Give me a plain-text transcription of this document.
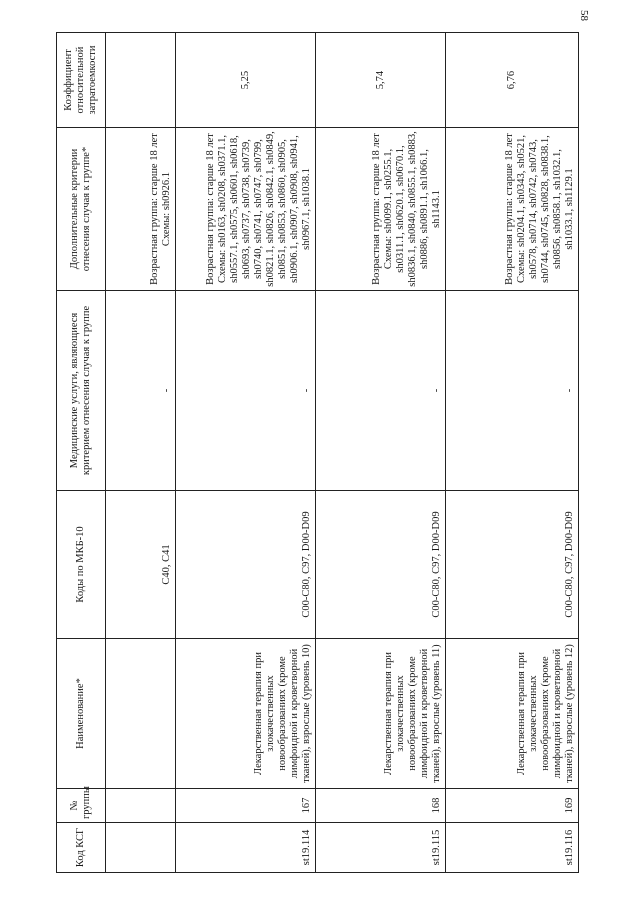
58
Код КСГ	№ группы	Наименование*	Коды по МКБ-10	Медицинские услуги, являющиеся критерием отнесения случая к группе	Дополнительные критерии отнесения случая к группе*	Коэффициент относительной затратоемкости
			C40, C41	-	Возрастная группа: старше 18 лет
Схемы: sh0926.1	
st19.114	167	Лекарственная терапия при злокачественных новообразованиях (кроме лимфоидной и кроветворной тканей), взрослые (уровень 10)	C00-C80, C97, D00-D09	-	Возрастная группа: старше 18 лет
Схемы: sh0163, sh0208, sh0371.1, sh0557.1, sh0575, sh0601, sh0618, sh0693, sh0737, sh0738, sh0739, sh0740, sh0741, sh0747, sh0799, sh0821.1, sh0826, sh0842.1, sh0849, sh0851, sh0853, sh0860, sh0905, sh0906.1, sh0907, sh0908, sh0941, sh0967.1, sh1038.1	5,25
st19.115	168	Лекарственная терапия при злокачественных новообразованиях (кроме лимфоидной и кроветворной тканей), взрослые (уровень 11)	C00-C80, C97, D00-D09	-	Возрастная группа: старше 18 лет
Схемы: sh0099.1, sh0255.1, sh0311.1, sh0620.1, sh0670.1, sh0836.1, sh0840, sh0855.1, sh0883, sh0886, sh0891.1, sh1066.1, sh1143.1	5,74
st19.116	169	Лекарственная терапия при злокачественных новообразованиях (кроме лимфоидной и кроветворной тканей), взрослые (уровень 12)	C00-C80, C97, D00-D09	-	Возрастная группа: старше 18 лет
Схемы: sh0204.1, sh0343, sh0521, sh0578, sh0714, sh0742, sh0743, sh0744, sh0745, sh0828, sh0838.1, sh0856, sh0858.1, sh1032.1, sh1033.1, sh1129.1	6,76
